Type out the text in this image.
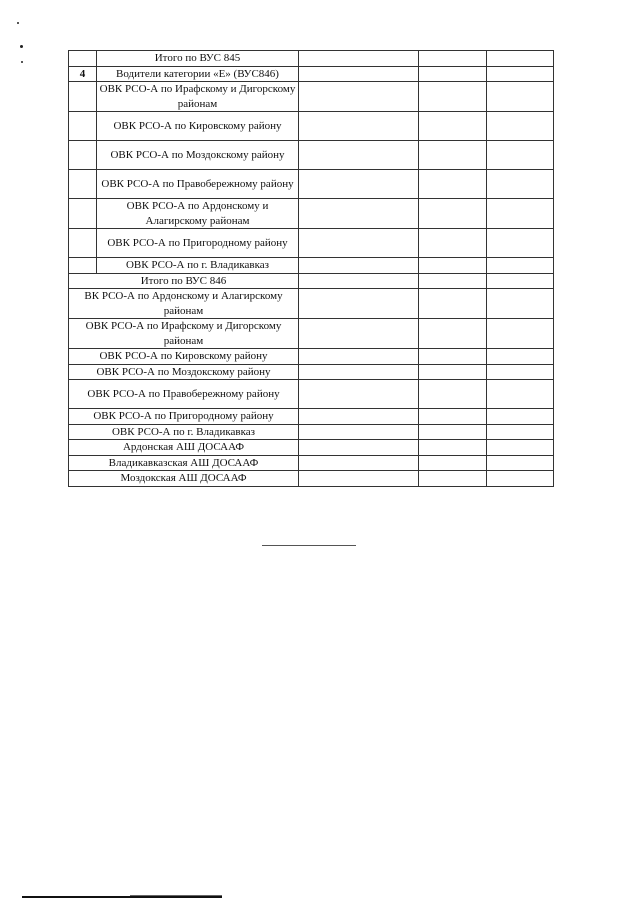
	Итого по ВУС 845			
4	Водители категории «Е» (ВУС846)			
	ОВК РСО-А по Ирафскому и Дигорскому районам			
	ОВК РСО-А по Кировскому району			
	ОВК РСО-А по Моздокскому району			
	ОВК РСО-А по Правобережному району			
	ОВК РСО-А по Ардонскому и Алагирскому районам			
	ОВК РСО-А по Пригородному району			
	ОВК РСО-А по г. Владикавказ			
Итого по ВУС 846				
ВК РСО-А по Ардонскому и Алагирскому районам				
ОВК РСО-А по Ирафскому и Дигорскому районам				
ОВК РСО-А по Кировскому району				
ОВК РСО-А по Моздокскому району				
ОВК РСО-А по Правобережному району				
ОВК РСО-А по Пригородному району				
ОВК РСО-А по г. Владикавказ				
Ардонская АШ ДОСААФ				
Владикавказская АШ ДОСААФ				
Моздокская АШ ДОСААФ				
